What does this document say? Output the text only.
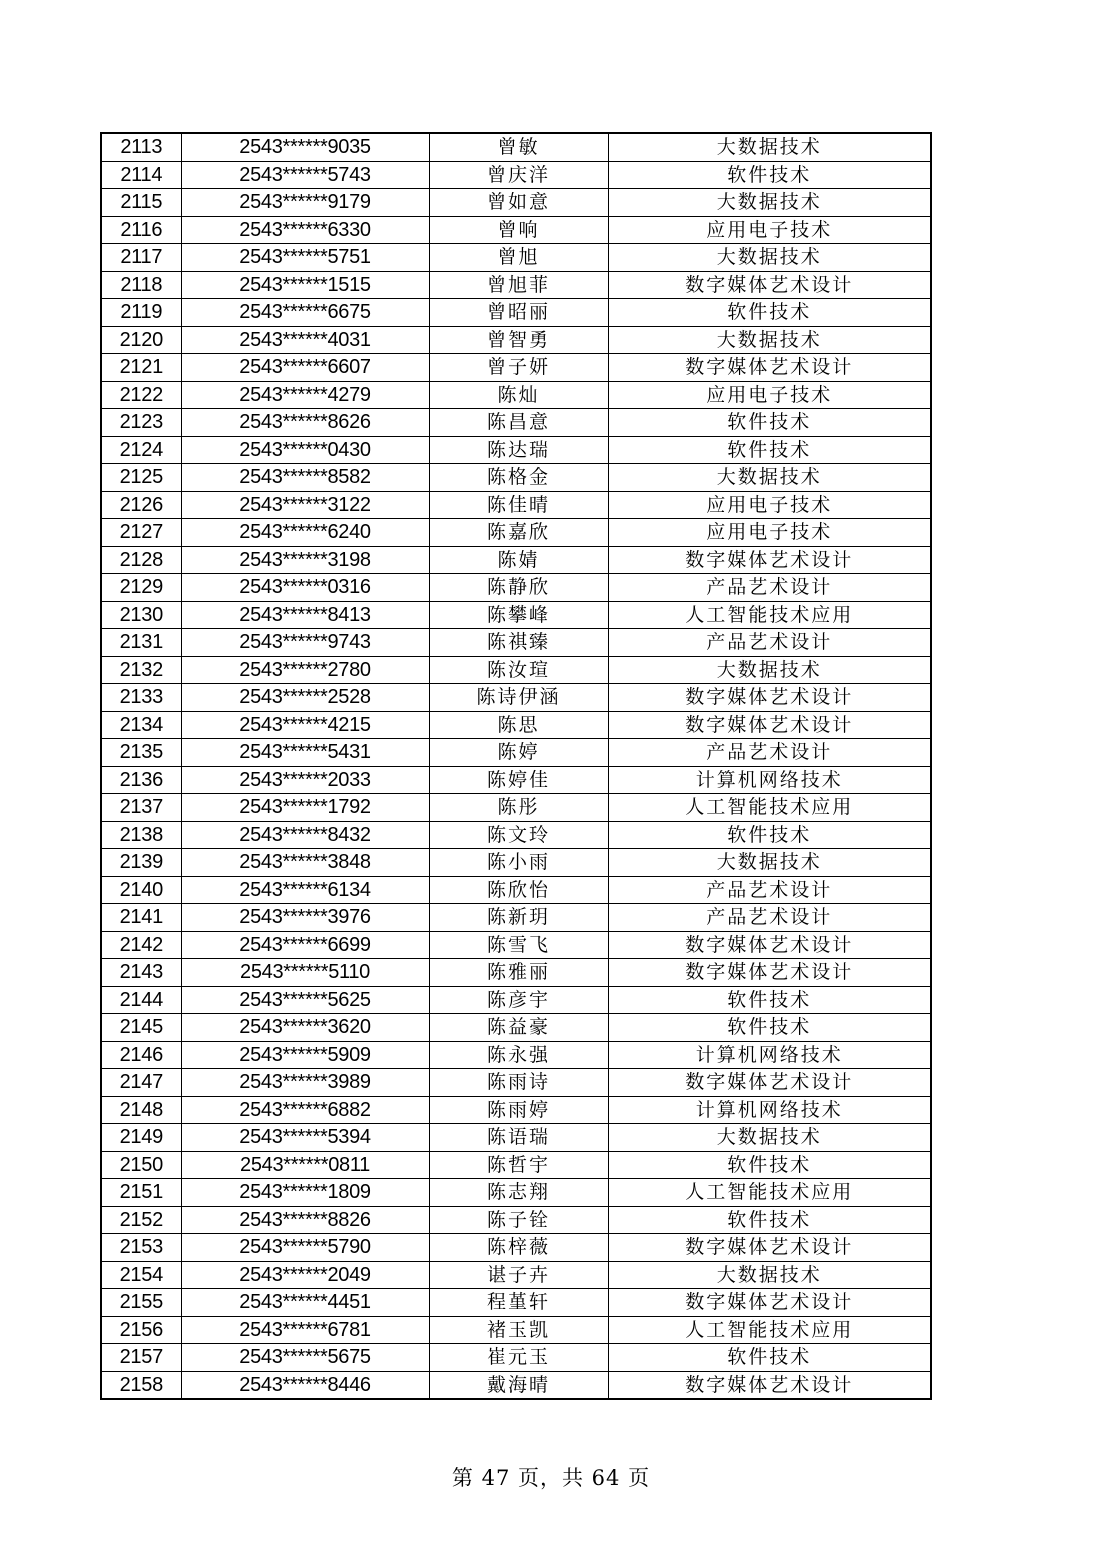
2113	2543******9035	曾敏	大数据技术
2114	2543******5743	曾庆洋	软件技术
2115	2543******9179	曾如意	大数据技术
2116	2543******6330	曾响	应用电子技术
2117	2543******5751	曾旭	大数据技术
2118	2543******1515	曾旭菲	数字媒体艺术设计
2119	2543******6675	曾昭丽	软件技术
2120	2543******4031	曾智勇	大数据技术
2121	2543******6607	曾子妍	数字媒体艺术设计
2122	2543******4279	陈灿	应用电子技术
2123	2543******8626	陈昌意	软件技术
2124	2543******0430	陈达瑞	软件技术
2125	2543******8582	陈格金	大数据技术
2126	2543******3122	陈佳晴	应用电子技术
2127	2543******6240	陈嘉欣	应用电子技术
2128	2543******3198	陈婧	数字媒体艺术设计
2129	2543******0316	陈静欣	产品艺术设计
2130	2543******8413	陈攀峰	人工智能技术应用
2131	2543******9743	陈祺臻	产品艺术设计
2132	2543******2780	陈汝瑄	大数据技术
2133	2543******2528	陈诗伊涵	数字媒体艺术设计
2134	2543******4215	陈思	数字媒体艺术设计
2135	2543******5431	陈婷	产品艺术设计
2136	2543******2033	陈婷佳	计算机网络技术
2137	2543******1792	陈彤	人工智能技术应用
2138	2543******8432	陈文玲	软件技术
2139	2543******3848	陈小雨	大数据技术
2140	2543******6134	陈欣怡	产品艺术设计
2141	2543******3976	陈新玥	产品艺术设计
2142	2543******6699	陈雪飞	数字媒体艺术设计
2143	2543******5110	陈雅丽	数字媒体艺术设计
2144	2543******5625	陈彦宇	软件技术
2145	2543******3620	陈益豪	软件技术
2146	2543******5909	陈永强	计算机网络技术
2147	2543******3989	陈雨诗	数字媒体艺术设计
2148	2543******6882	陈雨婷	计算机网络技术
2149	2543******5394	陈语瑞	大数据技术
2150	2543******0811	陈哲宇	软件技术
2151	2543******1809	陈志翔	人工智能技术应用
2152	2543******8826	陈子铨	软件技术
2153	2543******5790	陈梓薇	数字媒体艺术设计
2154	2543******2049	谌子卉	大数据技术
2155	2543******4451	程堇轩	数字媒体艺术设计
2156	2543******6781	褚玉凯	人工智能技术应用
2157	2543******5675	崔元玉	软件技术
2158	2543******8446	戴海晴	数字媒体艺术设计
第 47 页，共 64 页
